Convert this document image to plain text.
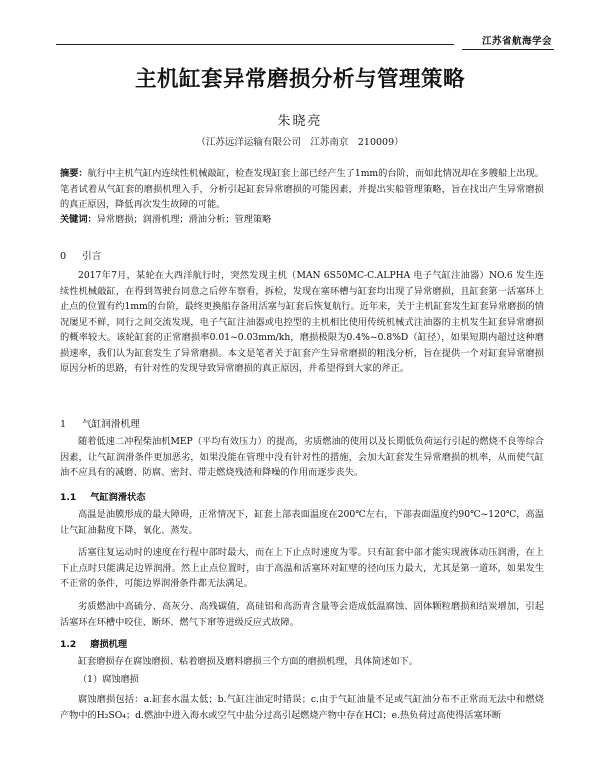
江苏省航海学会
主机缸套异常磨损分析与管理策略
朱晓亮
（江苏远洋运输有限公司　江苏南京　210009）

摘要：航行中主机气缸内连续性机械敲缸，检查发现缸套上部已经产生了1mm的台阶，而如此情况却在多艘船上出现。笔者试着从气缸套的磨损机理入手，分析引起缸套异常磨损的可能因素，并提出实船管理策略，旨在找出产生异常磨损的真正原因，降低再次发生故障的可能。

关键词：异常磨损；润滑机理；滑油分析；管理策略

0 引言

2017年7月，某轮在大西洋航行时，突然发现主机（MAN 6S50MC-C.ALPHA 电子气缸注油器）NO.6 发生连续性机械敲缸，在得到驾驶台同意之后停车察看，拆检，发现在塞环槽与缸套均出现了异常磨损，且缸套第一活塞环上止点的位置有约1mm的台阶，最终更换船存备用活塞与缸套后恢复航行。近年来，关于主机缸套发生缸套异常磨损的情况屡见不鲜，同行之间交流发现，电子气缸注油器或电控型的主机相比使用传统机械式注油器的主机发生缸套异常磨损的概率较大。该轮缸套的正常磨损率0.01~0.03mm/kh，磨损极限为0.4%~0.8%D（缸径），如果短期内超过这种磨损速率，我们认为缸套发生了异常磨损。本文是笔者关于缸套产生异常磨损的粗浅分析，旨在提供一个对缸套异常磨损原因分析的思路，有针对性的发现导致异常磨损的真正原因，并希望得到大家的斧正。

1 气缸润滑机理

随着低速二冲程柴油机MEP（平均有效压力）的提高，劣质燃油的使用以及长期低负荷运行引起的燃烧不良等综合因素，让气缸润滑条件更加恶劣，如果没能在管理中没有针对性的措施，会加大缸套发生异常磨损的机率，从而使气缸油不应具有的减磨、防腐、密封、带走燃烧残渣和降噪的作用而逐步丧失。

1.1 气缸润滑状态

高温是油膜形成的最大障碍，正常情况下，缸套上部表面温度在200℃左右，下部表面温度约90℃~120℃，高温让气缸油黏度下降，氧化、蒸发。

活塞往复运动时的速度在行程中部时最大，而在上下止点时速度为零。只有缸套中部才能实现液体动压润滑，在上下止点时只能满足边界润滑。然上止点位置时，由于高温和活塞环对缸壁的径向压力最大，尤其是第一道环，如果发生不正常的条件，可能边界润滑条件都无法满足。

劣质燃油中高硫分、高灰分、高残碳值，高硅铝和高沥青含量等会造成低温腐蚀、固体颗粒磨损和结炭增加，引起活塞环在环槽中咬住、断环、燃气下窜等进级反应式故障。

1.2 磨损机理

缸套磨损存在腐蚀磨损、粘着磨损及磨料磨损三个方面的磨损机理，具体简述如下。

（1）腐蚀磨损

腐蚀磨损包括：a.缸套水温太低；b.气缸注油定时错误；c.由于气缸油量不足或气缸油分布不正常而无法中和燃烧产物中的H₂SO₄；d.燃油中进入海水或空气中盐分过高引起燃烧产物中存在HCl；e.热负荷过高使得活塞环断
